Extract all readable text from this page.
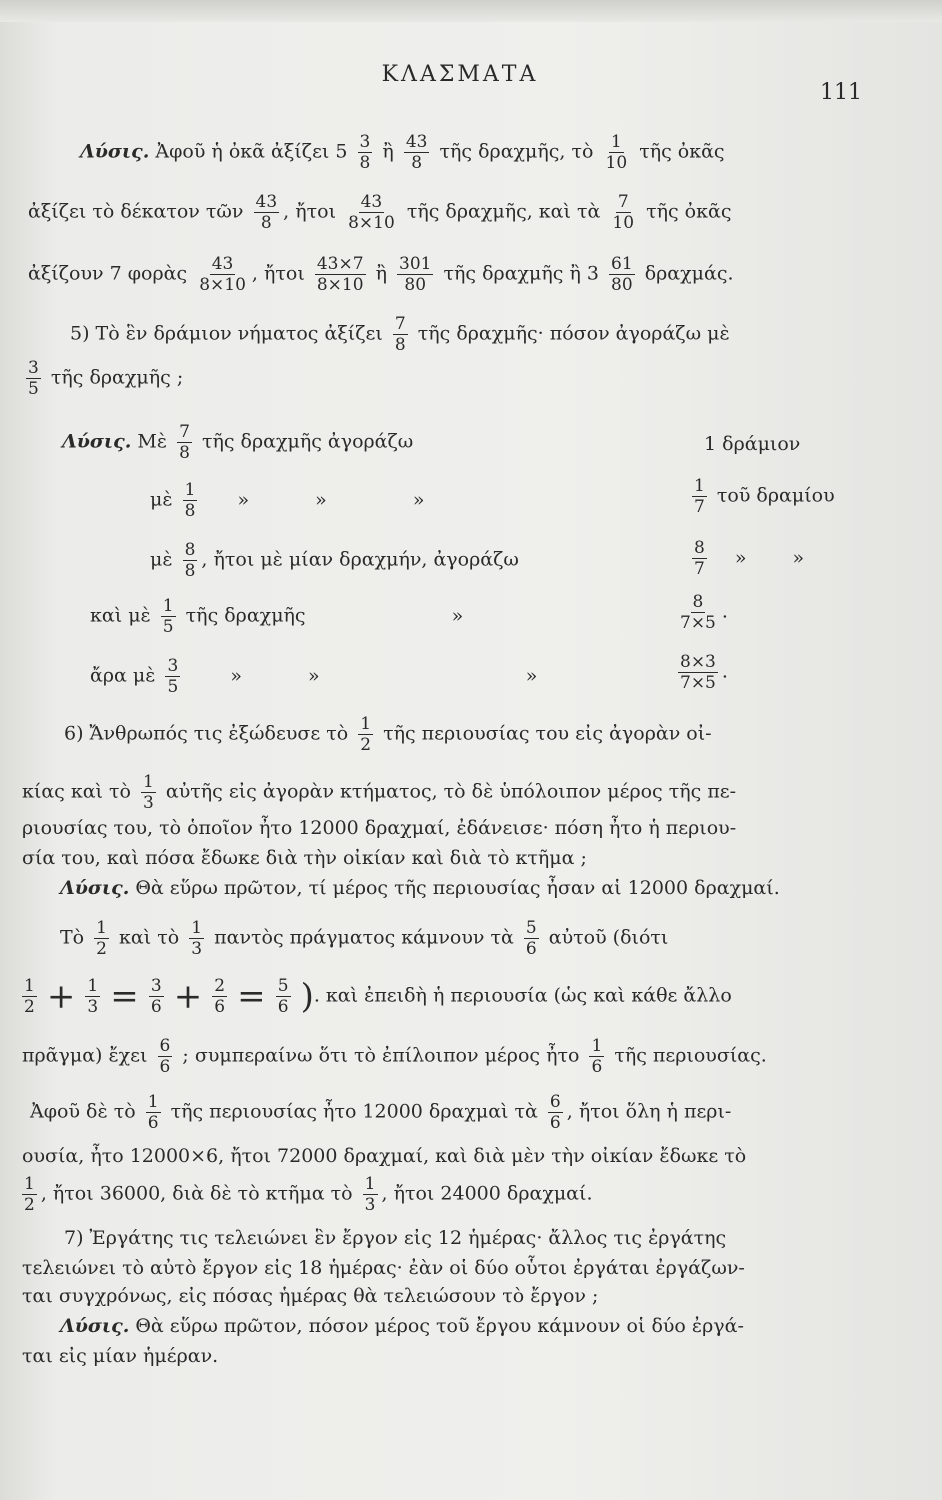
ΚΛΑΣΜΑΤΑ
111
Λύσις. Ἀφοῦ ἡ ὀκᾶ ἀξίζει $5 \frac{3}{8}$ ἢ $\frac{43}{8}$ τῆς δραχμῆς, τὸ $\frac{1}{10}$ τῆς ὀκᾶς
ἀξίζει τὸ δέκατον τῶν $\frac{43}{8}$ , ἤτοι $\frac{43}{8\times 10}$ τῆς δραχμῆς, καὶ τὰ $\frac{7}{10}$ τῆς ὀκᾶς
ἀξίζουν 7 φορὰς $\frac{43}{8\times 10}$ , ἤτοι $\frac{43\times 7}{8\times 10}$ ἢ $\frac{301}{80}$ τῆς δραχμῆς ἢ $3 \frac{61}{80} \delta\rho\alpha\chi\mu ά\varsigma$.
5) Τὸ ἓν δράμιον νήματος ἀξίζει $\frac{7}{8}$ τῆς δραχμῆς· πόσον ἀγοράζω μὲ
$\frac{3}{5}$ τῆς δραχμῆς ;
Λύσις. Μὲ $\frac{7}{8}$ τῆς δραχμῆς ἀγοράζω	1 δράμιον
μὲ $\frac{1}{8}$ »	»	»	$\frac{1}{7}$ τοῦ δραμίου
μὲ $\frac{8}{8}$ , ἤτοι μὲ μίαν δραχμήν, ἀγοράζω	$\frac{8}{7}$ » »
καὶ μὲ $\frac{1}{5}$ τῆς δραχμῆς	»	$\frac{8}{7\times 5}$ .
ἄρα μὲ $\frac{3}{5}$	»	»	»	$\frac{8\times 3}{7\times 5}$ .
6) Ἄνθρωπός τις ἐξώδευσε τὸ $\frac{1}{2}$ τῆς περιουσίας του εἰς ἀγορὰν οἰ-
κίας καὶ τὸ $\frac{1}{3}$ αὐτῆς εἰς ἀγορὰν κτήματος, τὸ δὲ ὑπόλοιπον μέρος τῆς πε-
ριουσίας του, τὸ ὁποῖον ἦτο 12000 δραχμαί, ἐδάνεισε· πόση ἦτο ἡ περιου-
σία του, καὶ πόσα ἔδωκε διὰ τὴν οἰκίαν καὶ διὰ τὸ κτῆμα ;
Λύσις. Θὰ εὕρω πρῶτον, τί μέρος τῆς περιουσίας ἦσαν αἱ 12000 δραχμαί.
Τὸ $\frac{1}{2}$ καὶ τὸ $\frac{1}{3}$ παντὸς πράγματος κάμνουν τὰ $\frac{5}{6}$ αὐτοῦ (διότι
$\frac{1}{2} + \frac{1}{3} = \frac{3}{6} + \frac{2}{6} = \frac{5}{6}$ ). καὶ ἐπειδὴ ἡ περιουσία (ὡς καὶ κάθε ἄλλο
πρᾶγμα) ἔχει $\frac{6}{6}$ ; συμπεραίνω ὅτι τὸ ἐπίλοιπον μέρος ἦτο $\frac{1}{6}$ τῆς περιουσίας.
Ἀφοῦ δὲ τὸ $\frac{1}{6}$ τῆς περιουσίας ἦτο 12000 δραχμαὶ τὰ $\frac{6}{6}$ , ἤτοι ὅλη ἡ περι-
ουσία, ἦτο 12000×6, ἤτοι 72000 δραχμαί, καὶ διὰ μὲν τὴν οἰκίαν ἔδωκε τὸ
$\frac{1}{2}$ , ἤτοι 36000, διὰ δὲ τὸ κτῆμα τὸ $\frac{1}{3}$ , ἤτοι 24000 δραχμαί.
7) Ἐργάτης τις τελειώνει ἓν ἔργον εἰς 12 ἡμέρας· ἄλλος τις ἐργάτης
τελειώνει τὸ αὐτὸ ἔργον εἰς 18 ἡμέρας· ἐὰν οἱ δύο οὗτοι ἐργάται ἐργάζων-
ται συγχρόνως, εἰς πόσας ἡμέρας θὰ τελειώσουν τὸ ἔργον ;
Λύσις. Θὰ εὕρω πρῶτον, πόσον μέρος τοῦ ἔργου κάμνουν οἱ δύο ἐργά-
ται εἰς μίαν ἡμέραν.
